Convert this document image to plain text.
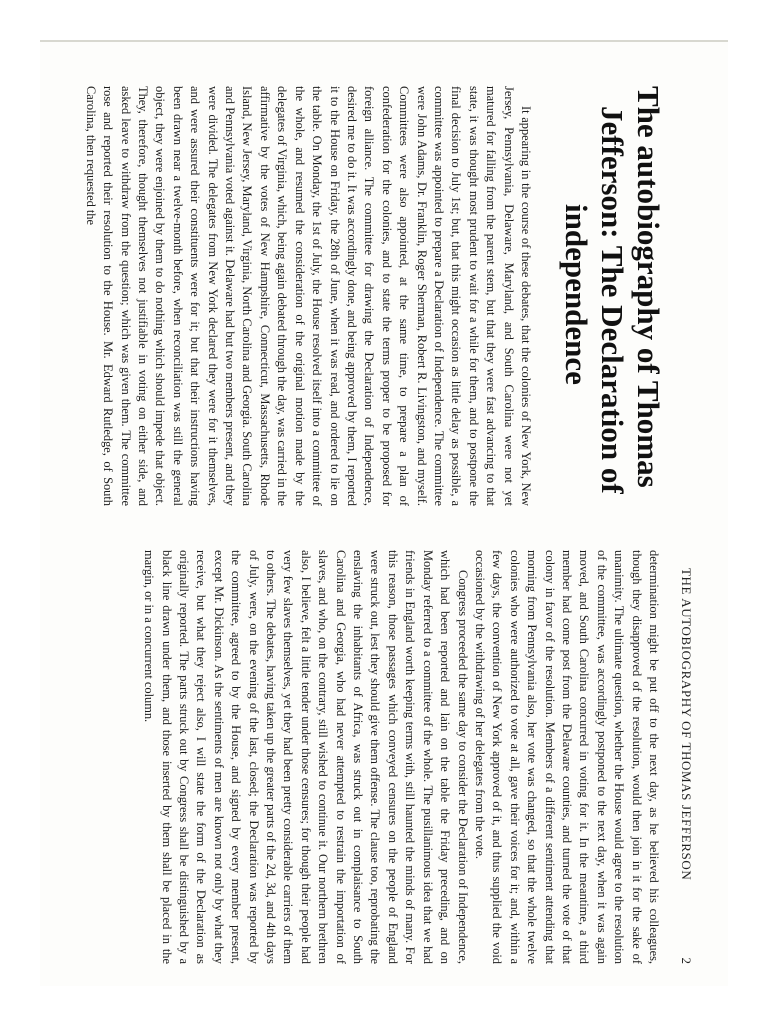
THE AUTOBIOGRAPHY OF THOMAS JEFFERSON
2
The autobiography of Thomas
Jefferson: The Declaration of
independence

It appearing in the course of these debates, that the colonies of New York, New Jersey, Pennsylvania, Delaware, Maryland, and South Carolina were not yet matured for falling from the parent stem, but that they were fast advancing to that state, it was thought most prudent to wait for a while for them, and to postpone the final decision to July 1st; but, that this might occasion as little delay as possible, a committee was appointed to prepare a Declaration of Independence. The committee were John Adams, Dr. Franklin, Roger Sherman, Robert R. Livingston, and myself. Committees were also appointed, at the same time, to prepare a plan of confederation for the colonies, and to state the terms proper to be proposed for foreign alliance. The committee for drawing the Declaration of Independence, desired me to do it. It was accordingly done, and being approved by them, I reported it to the House on Friday, the 28th of June, when it was read, and ordered to lie on the table. On Monday, the 1st of July, the House resolved itself into a committee of the whole, and resumed the consideration of the original motion made by the delegates of Virginia, which, being again debated through the day, was carried in the affirmative by the votes of New Hampshire, Connecticut, Massachusetts, Rhode Island, New Jersey, Maryland, Virginia, North Carolina and Georgia. South Carolina and Pennsylvania voted against it. Delaware had but two members present, and they were divided. The delegates from New York declared they were for it themselves, and were assured their constituents were for it; but that their instructions having been drawn near a twelve-month before, when reconciliation was still the general object, they were enjoined by them to do nothing which should impede that object. They, therefore, thought themselves not justifiable in voting on either side, and asked leave to withdraw from the question; which was given them. The committee rose and reported their resolution to the House. Mr. Edward Rutledge, of South Carolina, then requested the

determination might be put off to the next day, as he believed his colleagues, though they disapproved of the resolution, would then join in it for the sake of unanimity. The ultimate question, whether the House would agree to the resolution of the committee, was accordingly postponed to the next day, when it was again moved, and South Carolina concurred in voting for it. In the meantime, a third member had come post from the Delaware counties, and turned the vote of that colony in favor of the resolution. Members of a different sentiment attending that morning from Pennsylvania also, her vote was changed, so that the whole twelve colonies who were authorized to vote at all, gave their voices for it; and, within a few days, the convention of New York approved of it, and thus supplied the void occasioned by the withdrawing of her delegates from the vote.

Congress proceeded the same day to consider the Declaration of Independence, which had been reported and lain on the table the Friday preceding, and on Monday referred to a committee of the whole. The pusillanimous idea that we had friends in England worth keeping terms with, still haunted the minds of many. For this reason, those passages which conveyed censures on the people of England were struck out, lest they should give them offense. The clause too, reprobating the enslaving the inhabitants of Africa, was struck out in complaisance to South Carolina and Georgia, who had never attempted to restrain the importation of slaves, and who, on the contrary, still wished to continue it. Our northern brethren also, I believe, felt a little tender under those censures; for though their people had very few slaves themselves, yet they had been pretty considerable carriers of them to others. The debates, having taken up the greater parts of the 2d, 3d, and 4th days of July, were, on the evening of the last, closed; the Declaration was reported by the committee, agreed to by the House, and signed by every member present, except Mr. Dickinson. As the sentiments of men are known not only by what they receive, but what they reject also, I will state the form of the Declaration as originally reported. The parts struck out by Congress shall be distinguished by a black line drawn under them, and those inserted by them shall be placed in the margin, or in a concurrent column.
